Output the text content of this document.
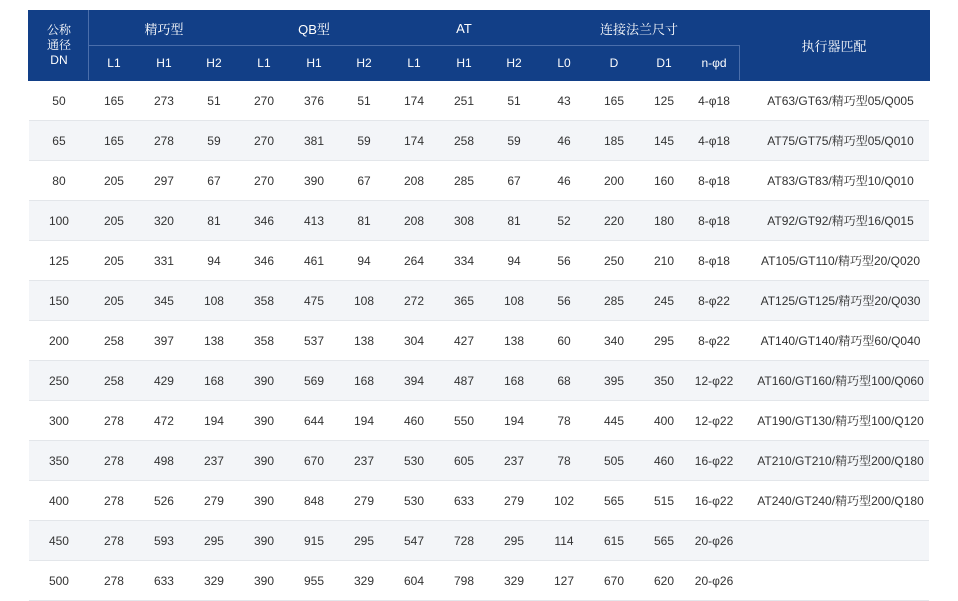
公称
通径
DN	精巧型			QB型			AT			连接法兰尺寸				执行器匹配
	L1	H1	H2	L1	H1	H2	L1	H1	H2	L0	D	D1	n-φd	
50	165	273	51	270	376	51	174	251	51	43	165	125	4-φ18	AT63/GT63/精巧型05/Q005
65	165	278	59	270	381	59	174	258	59	46	185	145	4-φ18	AT75/GT75/精巧型05/Q010
80	205	297	67	270	390	67	208	285	67	46	200	160	8-φ18	AT83/GT83/精巧型10/Q010
100	205	320	81	346	413	81	208	308	81	52	220	180	8-φ18	AT92/GT92/精巧型16/Q015
125	205	331	94	346	461	94	264	334	94	56	250	210	8-φ18	AT105/GT110/精巧型20/Q020
150	205	345	108	358	475	108	272	365	108	56	285	245	8-φ22	AT125/GT125/精巧型20/Q030
200	258	397	138	358	537	138	304	427	138	60	340	295	8-φ22	AT140/GT140/精巧型60/Q040
250	258	429	168	390	569	168	394	487	168	68	395	350	12-φ22	AT160/GT160/精巧型100/Q060
300	278	472	194	390	644	194	460	550	194	78	445	400	12-φ22	AT190/GT130/精巧型100/Q120
350	278	498	237	390	670	237	530	605	237	78	505	460	16-φ22	AT210/GT210/精巧型200/Q180
400	278	526	279	390	848	279	530	633	279	102	565	515	16-φ22	AT240/GT240/精巧型200/Q180
450	278	593	295	390	915	295	547	728	295	114	615	565	20-φ26	
500	278	633	329	390	955	329	604	798	329	127	670	620	20-φ26	
